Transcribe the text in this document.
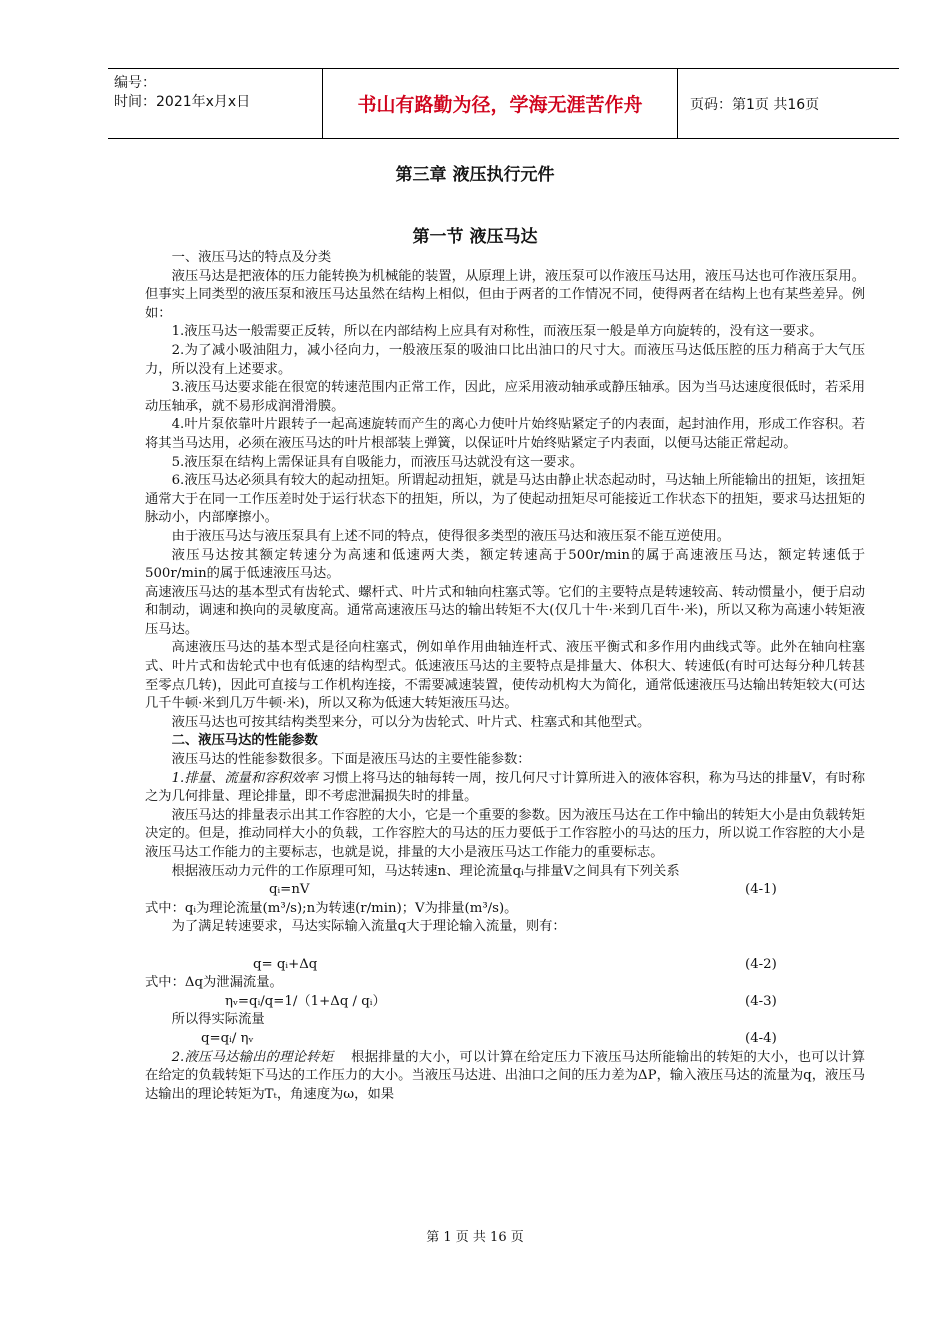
编号：
时间：2021年x月x日	书山有路勤为径，学海无涯苦作舟	页码：第1页 共16页
第三章 液压执行元件
第一节 液压马达

一、液压马达的特点及分类

液压马达是把液体的压力能转换为机械能的装置，从原理上讲，液压泵可以作液压马达用，液压马达也可作液压泵用。但事实上同类型的液压泵和液压马达虽然在结构上相似，但由于两者的工作情况不同，使得两者在结构上也有某些差异。例如：

1.液压马达一般需要正反转，所以在内部结构上应具有对称性，而液压泵一般是单方向旋转的，没有这一要求。

2.为了减小吸油阻力，减小径向力，一般液压泵的吸油口比出油口的尺寸大。而液压马达低压腔的压力稍高于大气压力，所以没有上述要求。

3.液压马达要求能在很宽的转速范围内正常工作，因此，应采用液动轴承或静压轴承。因为当马达速度很低时，若采用动压轴承，就不易形成润滑滑膜。

4.叶片泵依靠叶片跟转子一起高速旋转而产生的离心力使叶片始终贴紧定子的内表面，起封油作用，形成工作容积。若将其当马达用，必须在液压马达的叶片根部装上弹簧，以保证叶片始终贴紧定子内表面，以便马达能正常起动。

5.液压泵在结构上需保证具有自吸能力，而液压马达就没有这一要求。

6.液压马达必须具有较大的起动扭矩。所谓起动扭矩，就是马达由静止状态起动时，马达轴上所能输出的扭矩，该扭矩通常大于在同一工作压差时处于运行状态下的扭矩，所以，为了使起动扭矩尽可能接近工作状态下的扭矩，要求马达扭矩的脉动小，内部摩擦小。

由于液压马达与液压泵具有上述不同的特点，使得很多类型的液压马达和液压泵不能互逆使用。

液压马达按其额定转速分为高速和低速两大类，额定转速高于500r/min的属于高速液压马达，额定转速低于500r/min的属于低速液压马达。

高速液压马达的基本型式有齿轮式、螺杆式、叶片式和轴向柱塞式等。它们的主要特点是转速较高、转动惯量小，便于启动和制动，调速和换向的灵敏度高。通常高速液压马达的输出转矩不大(仅几十牛·米到几百牛·米)，所以又称为高速小转矩液压马达。

高速液压马达的基本型式是径向柱塞式，例如单作用曲轴连杆式、液压平衡式和多作用内曲线式等。此外在轴向柱塞式、叶片式和齿轮式中也有低速的结构型式。低速液压马达的主要特点是排量大、体积大、转速低(有时可达每分种几转甚至零点几转)，因此可直接与工作机构连接，不需要减速装置，使传动机构大为简化，通常低速液压马达输出转矩较大(可达几千牛顿·米到几万牛顿·米)，所以又称为低速大转矩液压马达。

液压马达也可按其结构类型来分，可以分为齿轮式、叶片式、柱塞式和其他型式。

二、液压马达的性能参数

液压马达的性能参数很多。下面是液压马达的主要性能参数：

1.排量、流量和容积效率 习惯上将马达的轴每转一周，按几何尺寸计算所进入的液体容积，称为马达的排量V，有时称之为几何排量、理论排量，即不考虑泄漏损失时的排量。

液压马达的排量表示出其工作容腔的大小，它是一个重要的参数。因为液压马达在工作中输出的转矩大小是由负载转矩决定的。但是，推动同样大小的负载，工作容腔大的马达的压力要低于工作容腔小的马达的压力，所以说工作容腔的大小是液压马达工作能力的主要标志，也就是说，排量的大小是液压马达工作能力的重要标志。

根据液压动力元件的工作原理可知，马达转速n、理论流量qᵢ与排量V之间具有下列关系

qᵢ=nV	(4-1)

式中：qᵢ为理论流量(m³/s);n为转速(r/min)；V为排量(m³/s)。

为了满足转速要求，马达实际输入流量q大于理论输入流量，则有：

q= qᵢ+Δq	(4-2)

式中：Δq为泄漏流量。

ηᵥ=qᵢ/q=1/（1+Δq / qᵢ）	(4-3)

所以得实际流量

q=qᵢ/ ηᵥ	(4-4)

2.液压马达输出的理论转矩 根据排量的大小，可以计算在给定压力下液压马达所能输出的转矩的大小，也可以计算在给定的负载转矩下马达的工作压力的大小。当液压马达进、出油口之间的压力差为ΔP，输入液压马达的流量为q，液压马达输出的理论转矩为Tₜ，角速度为ω，如果

第 1 页 共 16 页
